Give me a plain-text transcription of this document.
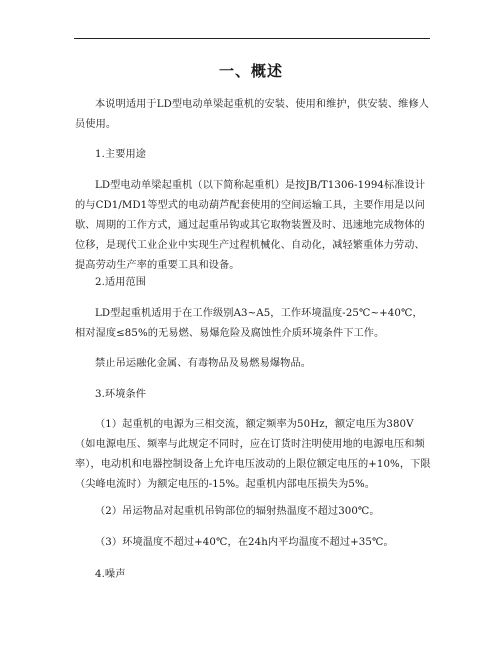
一、概述

本说明适用于LD型电动单梁起重机的安装、使用和维护，供安装、维修人员使用。

1.主要用途

LD型电动单梁起重机（以下简称起重机）是按JB/T1306-1994标准设计的与CD1/MD1等型式的电动葫芦配套使用的空间运输工具，主要作用是以问歇、周期的工作方式，通过起重吊钩或其它取物装置及时、迅速地完成物体的位移，是现代工业企业中实现生产过程机械化、自动化，减轻繁重体力劳动、提高劳动生产率的重要工具和设备。

2.适用范围

LD型起重机适用于在工作级别A3~A5，工作环境温度-25℃~+40℃，相对湿度≤85%的无易燃、易爆危险及腐蚀性介质环境条件下工作。

禁止吊运融化金属、有毒物品及易燃易爆物品。

3.环境条件

（1）起重机的电源为三相交流，额定频率为50Hz，额定电压为380V（如电源电压、频率与此规定不同时，应在订货时注明使用地的电源电压和频率），电动机和电器控制设备上允许电压波动的上限位额定电压的+10%，下限（尖峰电流时）为额定电压的-15%。起重机内部电压损失为5%。

（2）吊运物品对起重机吊钩部位的辐射热温度不超过300℃。

（3）环境温度不超过+40℃，在24h内平均温度不超过+35℃。

4.噪声
